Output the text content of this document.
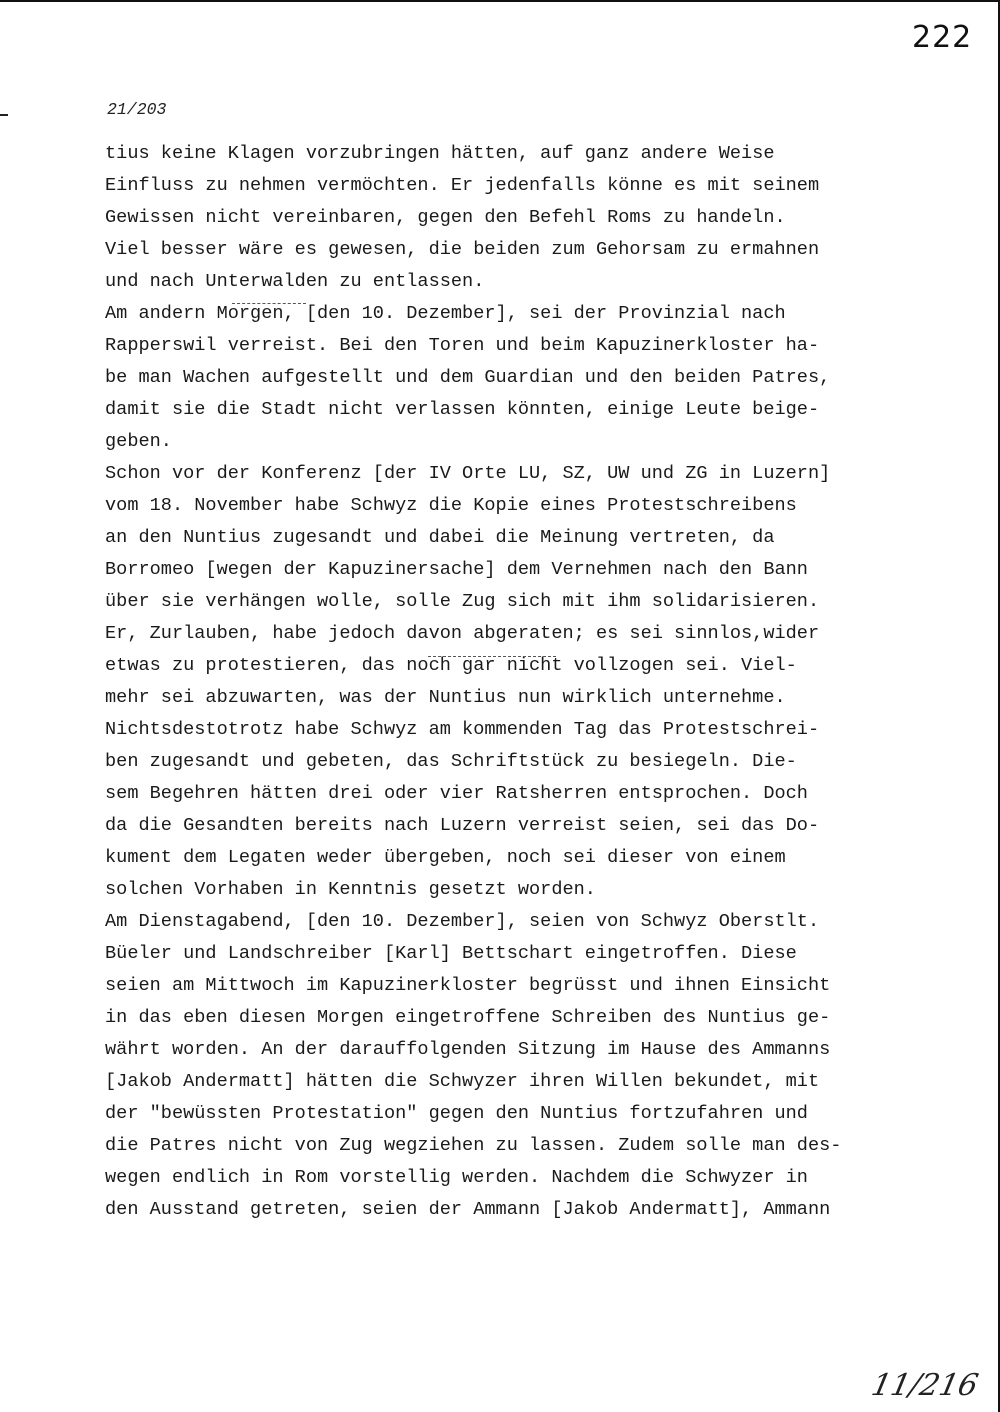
222
21/203
tius keine Klagen vorzubringen hätten, auf ganz andere Weise
Einfluss zu nehmen vermöchten. Er jedenfalls könne es mit seinem
Gewissen nicht vereinbaren, gegen den Befehl Roms zu handeln.
Viel besser wäre es gewesen, die beiden zum Gehorsam zu ermahnen
und nach Unterwalden zu entlassen.
Am andern Morgen, [den 10. Dezember], sei der Provinzial nach
Rapperswil verreist. Bei den Toren und beim Kapuzinerkloster ha-
be man Wachen aufgestellt und dem Guardian und den beiden Patres,
damit sie die Stadt nicht verlassen könnten, einige Leute beige-
geben.
Schon vor der Konferenz [der IV Orte LU, SZ, UW und ZG in Luzern]
vom 18. November habe Schwyz die Kopie eines Protestschreibens
an den Nuntius zugesandt und dabei die Meinung vertreten, da
Borromeo [wegen der Kapuzinersache] dem Vernehmen nach den Bann
über sie verhängen wolle, solle Zug sich mit ihm solidarisieren.
Er, Zurlauben, habe jedoch davon abgeraten; es sei sinnlos,wider
etwas zu protestieren, das noch gar nicht vollzogen sei. Viel-
mehr sei abzuwarten, was der Nuntius nun wirklich unternehme.
Nichtsdestotrotz habe Schwyz am kommenden Tag das Protestschrei-
ben zugesandt und gebeten, das Schriftstück zu besiegeln. Die-
sem Begehren hätten drei oder vier Ratsherren entsprochen. Doch
da die Gesandten bereits nach Luzern verreist seien, sei das Do-
kument dem Legaten weder übergeben, noch sei dieser von einem
solchen Vorhaben in Kenntnis gesetzt worden.
Am Dienstagabend, [den 10. Dezember], seien von Schwyz Oberstlt.
Büeler und Landschreiber [Karl] Bettschart eingetroffen. Diese
seien am Mittwoch im Kapuzinerkloster begrüsst und ihnen Einsicht
in das eben diesen Morgen eingetroffene Schreiben des Nuntius ge-
währt worden. An der darauffolgenden Sitzung im Hause des Ammanns
[Jakob Andermatt] hätten die Schwyzer ihren Willen bekundet, mit
der "bewüssten Protestation" gegen den Nuntius fortzufahren und
die Patres nicht von Zug wegziehen zu lassen. Zudem solle man des-
wegen endlich in Rom vorstellig werden. Nachdem die Schwyzer in
den Ausstand getreten, seien der Ammann [Jakob Andermatt], Ammann
11/216
